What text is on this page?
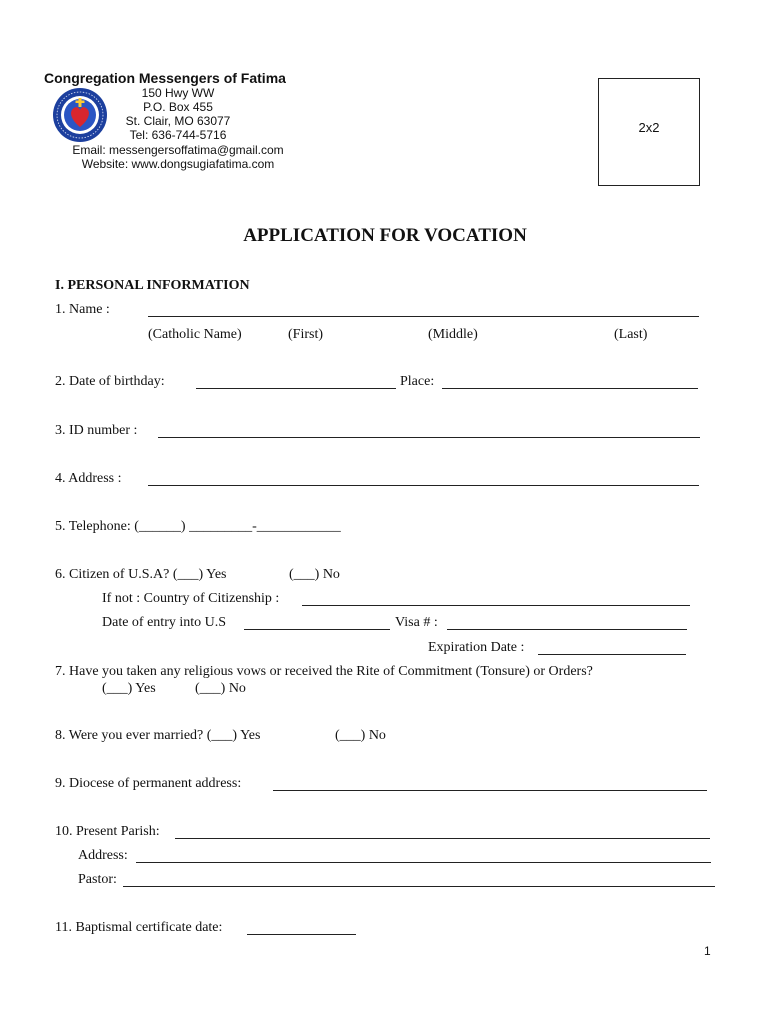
Congregation Messengers of Fatima
150 Hwy WW
P.O. Box 455
St. Clair, MO 63077
Tel: 636-744-5716
Email: messengersoffatima@gmail.com
Website: www.dongsugiafatima.com
2x2
APPLICATION FOR VOCATION
I. PERSONAL INFORMATION
1. Name :
(Catholic Name)	(First)	(Middle)	(Last)
2. Date of birthday:	Place:
3. ID number :
4. Address :
5. Telephone: (______) _________-____________
6. Citizen of U.S.A? (___) Yes	(___) No
If not : Country of Citizenship :
Date of entry into U.S	Visa # :
Expiration Date :
7. Have you taken any religious vows or received the Rite of Commitment (Tonsure) or Orders?
(___) Yes	(___) No
8. Were you ever married? (___) Yes	(___) No
9. Diocese of permanent address:
10. Present Parish:
Address:
Pastor:
11. Baptismal certificate date:
1
